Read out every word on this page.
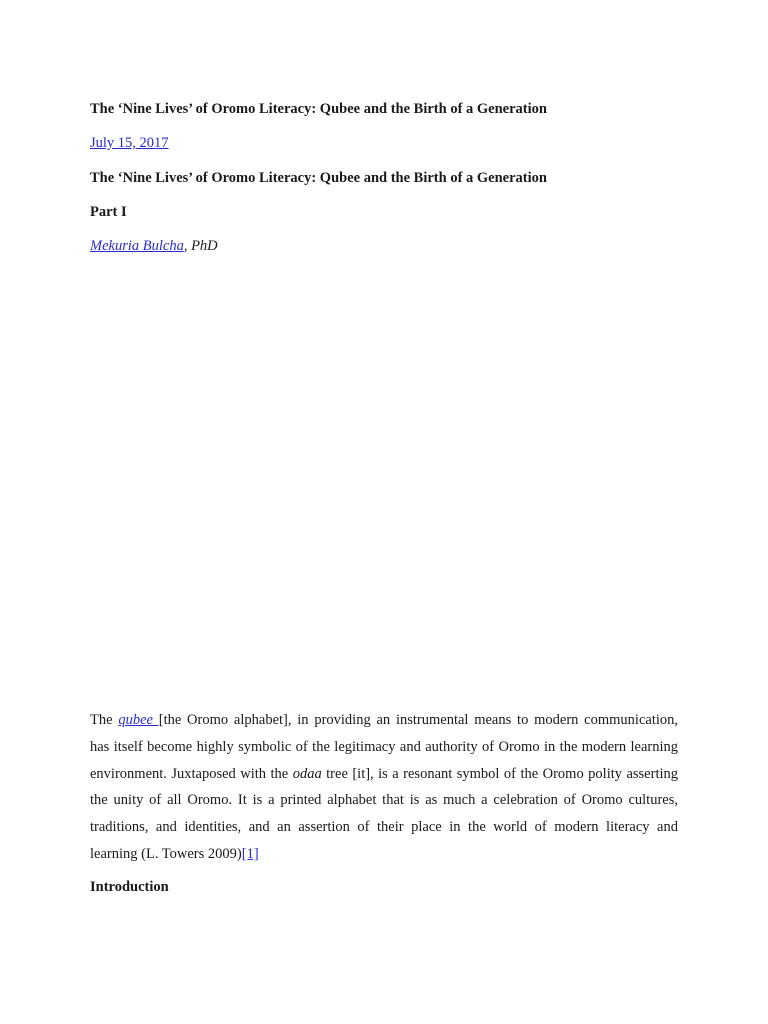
The ‘Nine Lives’ of Oromo Literacy: Qubee and the Birth of a Generation
July 15, 2017
The ‘Nine Lives’ of Oromo Literacy: Qubee and the Birth of a Generation
Part I
Mekuria Bulcha, PhD
The qubee [the Oromo alphabet], in providing an instrumental means to modern communication,
has itself become highly symbolic of the legitimacy and authority of Oromo in the modern learning
environment. Juxtaposed with the odaa tree [it], is a resonant symbol of the Oromo polity asserting
the unity of all Oromo. It is a printed alphabet that is as much a celebration of Oromo cultures,
traditions, and identities, and an assertion of their place in the world of modern literacy and
learning (L. Towers 2009)[1]
Introduction
